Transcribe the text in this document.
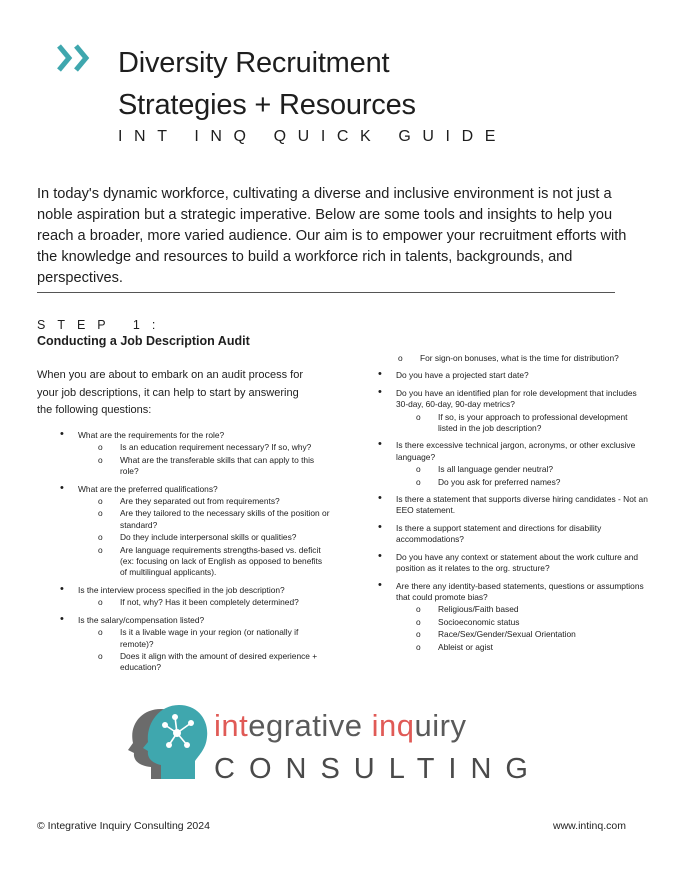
Diversity Recruitment
Strategies + Resources
INT INQ QUICK GUIDE

In today's dynamic workforce, cultivating a diverse and inclusive environment is not just a noble aspiration but a strategic imperative. Below are some tools and insights to help you reach a broader, more varied audience. Our aim is to empower your recruitment efforts with the knowledge and resources to build a workforce rich in talents, backgrounds, and perspectives.

STEP 1:
Conducting a Job Description Audit

When you are about to embark on an audit process for your job descriptions, it can help to start by answering the following questions:

• What are the requirements for the role?
o Is an education requirement necessary? If so, why?
o What are the transferable skills that can apply to this role?
• What are the preferred qualifications?
o Are they separated out from requirements?
o Are they tailored to the necessary skills of the position or standard?
o Do they include interpersonal skills or qualities?
o Are language requirements strengths-based vs. deficit (ex: focusing on lack of English as opposed to benefits of multilingual applicants).
• Is the interview process specified in the job description?
o If not, why? Has it been completely determined?
• Is the salary/compensation listed?
o Is it a livable wage in your region (or nationally if remote)?
o Does it align with the amount of desired experience + education?
o For sign-on bonuses, what is the time for distribution?
• Do you have a projected start date?
• Do you have an identified plan for role development that includes 30-day, 60-day, 90-day metrics?
o If so, is your approach to professional development listed in the job description?
• Is there excessive technical jargon, acronyms, or other exclusive language?
o Is all language gender neutral?
o Do you ask for preferred names?
• Is there a statement that supports diverse hiring candidates - Not an EEO statement.
• Is there a support statement and directions for disability accommodations?
• Do you have any context or statement about the work culture and position as it relates to the org. structure?
• Are there any identity-based statements, questions or assumptions that could promote bias?
o Religious/Faith based
o Socioeconomic status
o Race/Sex/Gender/Sexual Orientation
o Ableist or agist
integrative inquiry
CONSULTING
© Integrative Inquiry Consulting 2024	www.intinq.com
